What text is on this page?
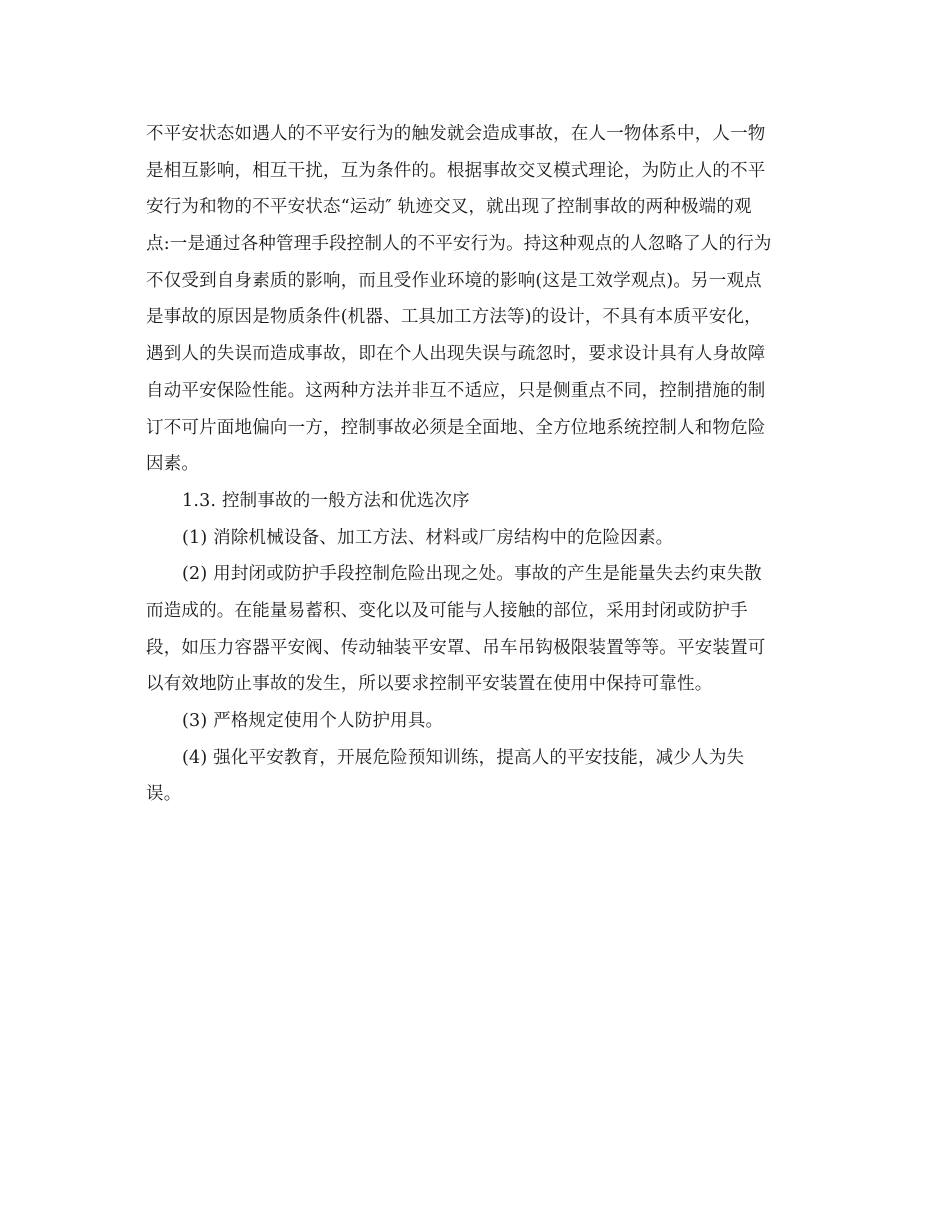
不平安状态如遇人的不平安行为的触发就会造成事故，在人一物体系中，人一物
是相互影响，相互干扰，互为条件的。根据事故交叉模式理论，为防止人的不平
安行为和物的不平安状态“运动″ 轨迹交叉，就出现了控制事故的两种极端的观
点:一是通过各种管理手段控制人的不平安行为。持这种观点的人忽略了人的行为
不仅受到自身素质的影响，而且受作业环境的影响(这是工效学观点)。另一观点
是事故的原因是物质条件(机器、工具加工方法等)的设计，不具有本质平安化，
遇到人的失误而造成事故，即在个人出现失误与疏忽时，要求设计具有人身故障
自动平安保险性能。这两种方法并非互不适应，只是侧重点不同，控制措施的制
订不可片面地偏向一方，控制事故必须是全面地、全方位地系统控制人和物危险
因素。
1.3. 控制事故的一般方法和优选次序
(1) 消除机械设备、加工方法、材料或厂房结构中的危险因素。
(2) 用封闭或防护手段控制危险出现之处。事故的产生是能量失去约束失散
而造成的。在能量易蓄积、变化以及可能与人接触的部位，采用封闭或防护手
段，如压力容器平安阀、传动轴装平安罩、吊车吊钩极限装置等等。平安装置可
以有效地防止事故的发生，所以要求控制平安装置在使用中保持可靠性。
(3) 严格规定使用个人防护用具。
(4) 强化平安教育，开展危险预知训练，提高人的平安技能，减少人为失
误。
